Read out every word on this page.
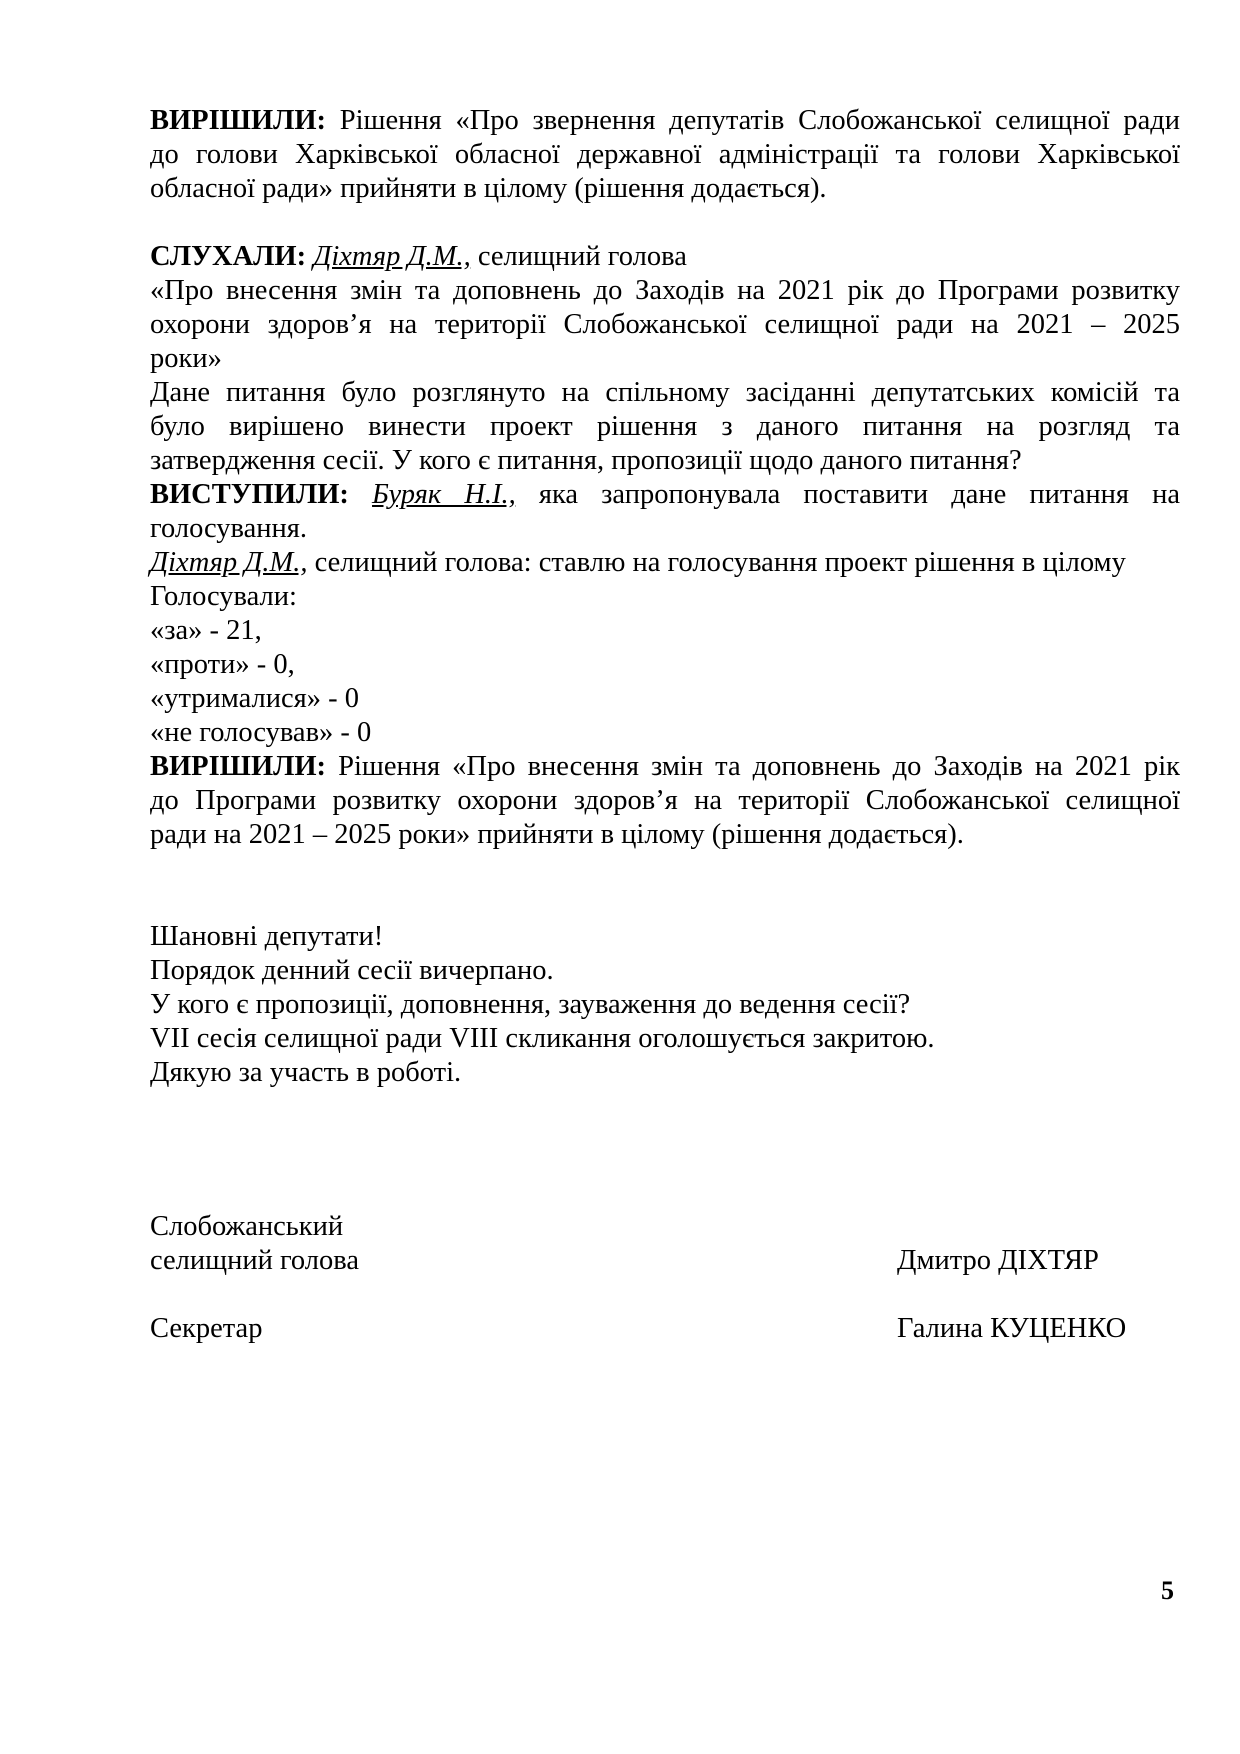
ВИРІШИЛИ: Рішення «Про звернення депутатів Слобожанської селищної ради

до голови Харківської обласної державної адміністрації та голови Харківської

обласної ради» прийняти в цілому (рішення додається).

СЛУХАЛИ: Діхтяр Д.М., селищний голова

«Про внесення змін та доповнень до Заходів на 2021 рік до Програми розвитку

охорони здоров’я на території Слобожанської селищної ради на 2021 – 2025

роки»

Дане питання було розглянуто на спільному засіданні депутатських комісій та

було вирішено винести проект рішення з даного питання на розгляд та

затвердження сесії. У кого є питання, пропозиції щодо даного питання?

ВИСТУПИЛИ: Буряк Н.І., яка запропонувала поставити дане питання на

голосування.

Діхтяр Д.М., селищний голова: ставлю на голосування проект рішення в цілому

Голосували:

«за» - 21,

«проти» - 0,

«утрималися» - 0

«не голосував» - 0

ВИРІШИЛИ: Рішення «Про внесення змін та доповнень до Заходів на 2021 рік

до Програми розвитку охорони здоров’я на території Слобожанської селищної

ради на 2021 – 2025 роки» прийняти в цілому (рішення додається).

Шановні депутати!

Порядок денний сесії вичерпано.

У кого є пропозиції, доповнення, зауваження до ведення сесії?

VII сесія селищної ради VIII скликання оголошується закритою.

Дякую за участь в роботі.

Слобожанський
селищний голова	Дмитро ДІХТЯР
Секретар	Галина КУЦЕНКО
5
